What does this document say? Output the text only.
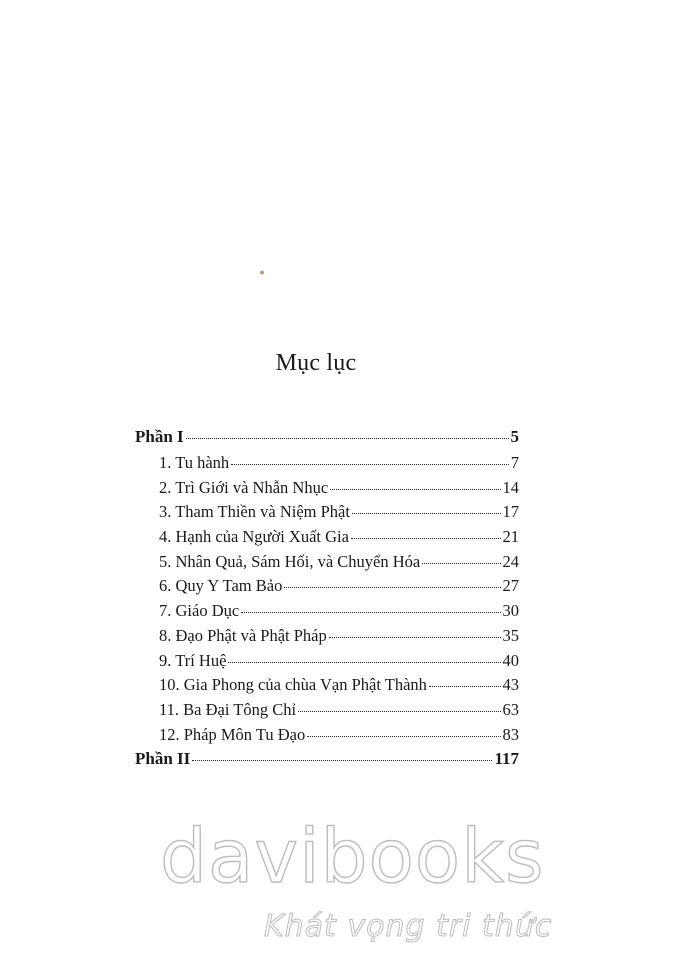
ꔷ
Mục lục
Phần I	5
1. Tu hành	7
2. Trì Giới và Nhẫn Nhục	14
3. Tham Thiền và Niệm Phật	17
4. Hạnh của Người Xuất Gia	21
5. Nhân Quả, Sám Hối, và Chuyển Hóa	24
6. Quy Y Tam Bảo	27
7. Giáo Dục	30
8. Đạo Phật và Phật Pháp	35
9. Trí Huệ	40
10. Gia Phong của chùa Vạn Phật Thành	43
11. Ba Đại Tông Chỉ	63
12. Pháp Môn Tu Đạo	83
Phần II	117
davibooks
Khát vọng tri thức
